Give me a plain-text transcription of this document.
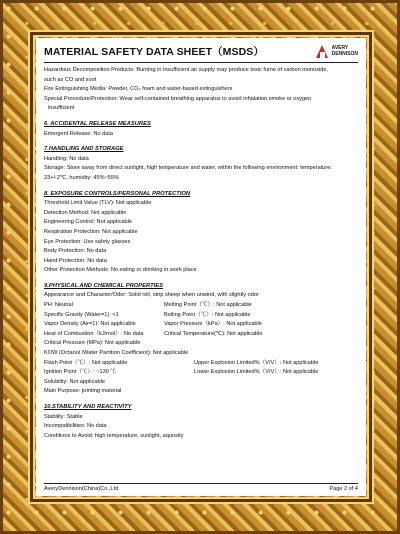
MATERIAL SAFETY DATA SHEET（MSDS）	AVERY
DENNISON
Hazardous Decomposition Products: Burning in insufficient air supply may produce toxic fume of carbon monoxide,
such as CO and soot
Fire Extinguishing Media: Powder, CO₂ foam and water-based extinguishers
Special Procedure/Protection: Wear self-contained breathing apparatus to avoid inhalation smoke or oxygen
insufficient
6. ACCIDENTAL RELEASE MEASURES
Emergent Release: No data
7.HANDLING AND STORAGE
Handling: No data
Storage: Store away from direct sunlight, high temperature and water, within the following environment: temperature:
23+/-2℃, humidity: 45%~55%
8. EXPOSURE CONTROLS/PERSONAL PROTECTION
Threshold Limit Value (TLV): Not applicable
Detection Method: Not applicable
Engineering Control: Not applicable
Respiration Protection: Not applicable
Eye Protection: Use safety glasses
Body Protection: No data
Hand Protection: No data
Other Protection Methods: No eating or drinking in work place
9.PHYSICAL AND CHEMICAL PROPERTIES
Appearance and Character/Odor: Solid roll, strip sheep when unwind, with slightly odor
PH: Neutral	Melting Point（℃）: Not applicable
Specific Gravity (Water=1): <1	Boiling Point（℃）: Not applicable
Vapor Density (Air=1): Not applicable	Vapor Pressure（kPa）: Not applicable
Heat of Combustion（kJ/mol）: No data	Critical Temperature(℃): Not applicable
Critical Pressure (MPa): Not applicable
KOW (Octanol /Water Partition Coefficient): Not applicable
Flash Point（℃）: Not applicable	Upper Explosion Limited%（V/V）: Not applicable
Ignition Point（℃）: ~130 ℃	Lower Explosion Limited%（V/V）: Not applicable
Solubility: Not applicable
Main Purpose: printing material
10.STABILITY AND REACTIVITY
Stability: Stable
Incompatibilities: No data
Conditions to Avoid: high temperature, sunlight, aquosity
AveryDennison(China)Co.,Ltd	Page 2 of 4
